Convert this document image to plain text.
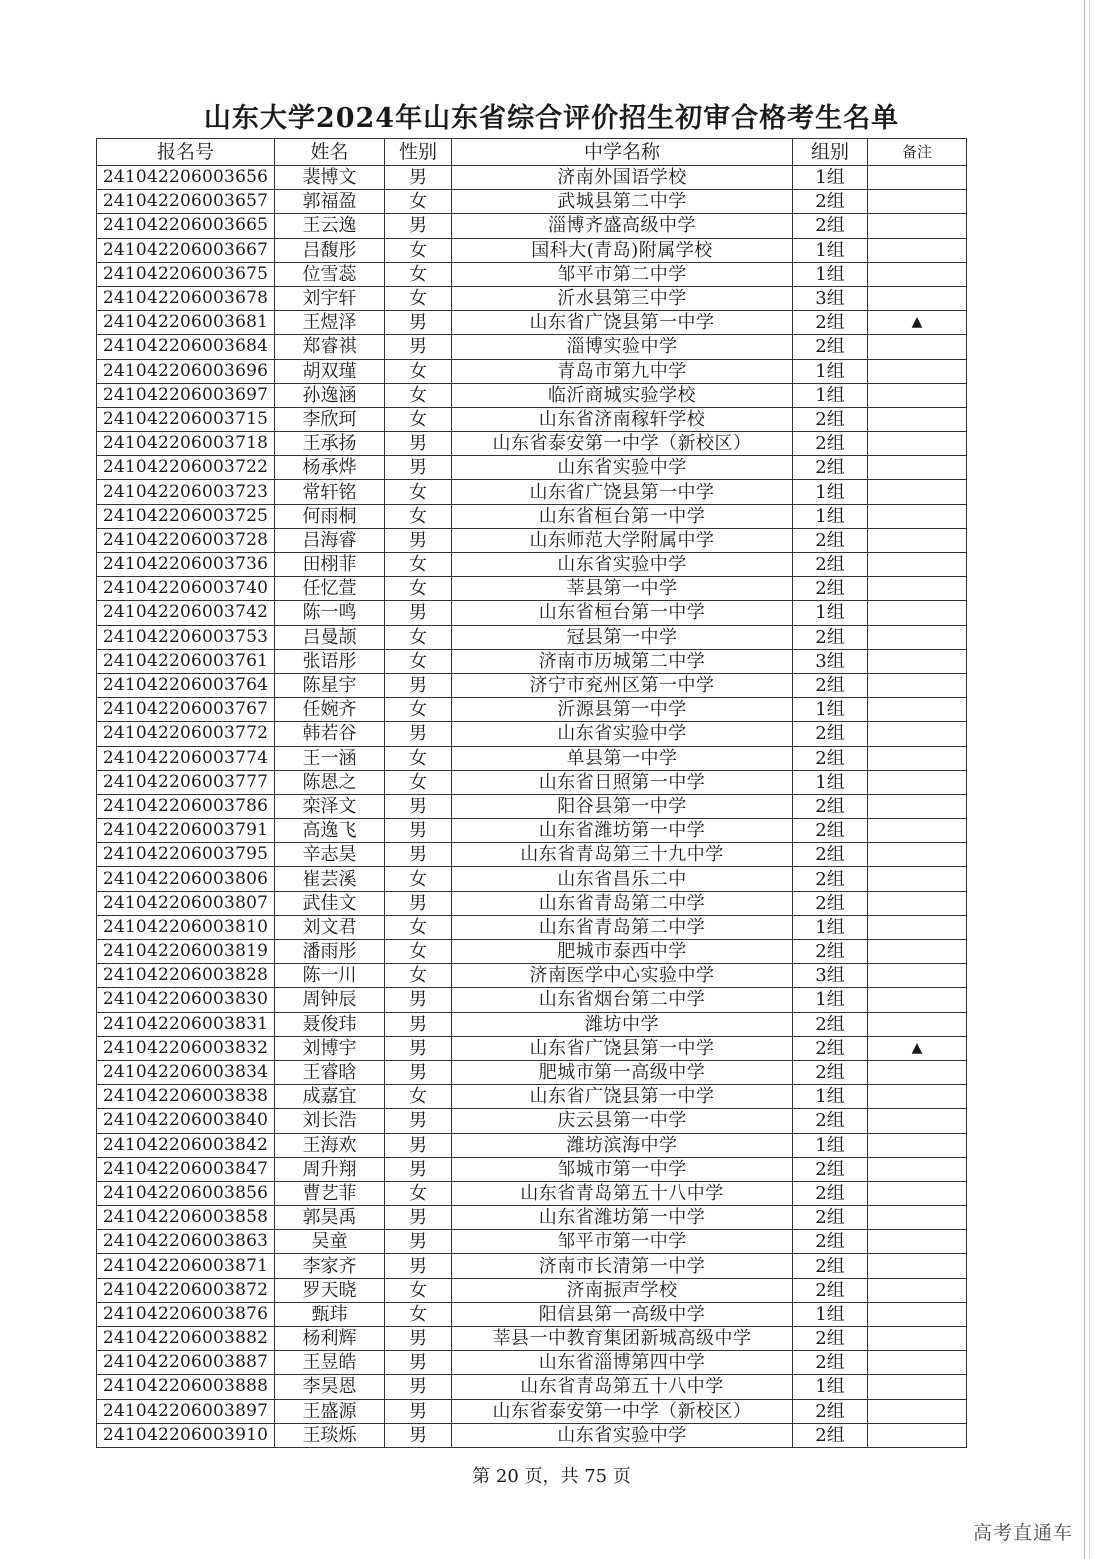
山东大学2024年山东省综合评价招生初审合格考生名单
报名号	姓名	性别	中学名称	组别	备注
241042206003656	裴博文	男	济南外国语学校	1组	
241042206003657	郭福盈	女	武城县第二中学	2组	
241042206003665	王云逸	男	淄博齐盛高级中学	2组	
241042206003667	吕馥彤	女	国科大(青岛)附属学校	1组	
241042206003675	位雪蕊	女	邹平市第二中学	1组	
241042206003678	刘宇轩	女	沂水县第三中学	3组	
241042206003681	王煜泽	男	山东省广饶县第一中学	2组	▲
241042206003684	郑睿祺	男	淄博实验中学	2组	
241042206003696	胡双瑾	女	青岛市第九中学	1组	
241042206003697	孙逸涵	女	临沂商城实验学校	1组	
241042206003715	李欣珂	女	山东省济南稼轩学校	2组	
241042206003718	王承扬	男	山东省泰安第一中学（新校区）	2组	
241042206003722	杨承烨	男	山东省实验中学	2组	
241042206003723	常轩铭	女	山东省广饶县第一中学	1组	
241042206003725	何雨桐	女	山东省桓台第一中学	1组	
241042206003728	吕海睿	男	山东师范大学附属中学	2组	
241042206003736	田栩菲	女	山东省实验中学	2组	
241042206003740	任忆萱	女	莘县第一中学	2组	
241042206003742	陈一鸣	男	山东省桓台第一中学	1组	
241042206003753	吕曼颉	女	冠县第一中学	2组	
241042206003761	张语彤	女	济南市历城第二中学	3组	
241042206003764	陈星宇	男	济宁市兖州区第一中学	2组	
241042206003767	任婉齐	女	沂源县第一中学	1组	
241042206003772	韩若谷	男	山东省实验中学	2组	
241042206003774	王一涵	女	单县第一中学	2组	
241042206003777	陈恩之	女	山东省日照第一中学	1组	
241042206003786	栾泽文	男	阳谷县第一中学	2组	
241042206003791	高逸飞	男	山东省潍坊第一中学	2组	
241042206003795	辛志昊	男	山东省青岛第三十九中学	2组	
241042206003806	崔芸溪	女	山东省昌乐二中	2组	
241042206003807	武佳文	男	山东省青岛第二中学	2组	
241042206003810	刘文君	女	山东省青岛第二中学	1组	
241042206003819	潘雨彤	女	肥城市泰西中学	2组	
241042206003828	陈一川	女	济南医学中心实验中学	3组	
241042206003830	周钟辰	男	山东省烟台第二中学	1组	
241042206003831	聂俊玮	男	潍坊中学	2组	
241042206003832	刘博宇	男	山东省广饶县第一中学	2组	▲
241042206003834	王睿晗	男	肥城市第一高级中学	2组	
241042206003838	成嘉宜	女	山东省广饶县第一中学	1组	
241042206003840	刘长浩	男	庆云县第一中学	2组	
241042206003842	王海欢	男	潍坊滨海中学	1组	
241042206003847	周升翔	男	邹城市第一中学	2组	
241042206003856	曹艺菲	女	山东省青岛第五十八中学	2组	
241042206003858	郭昊禹	男	山东省潍坊第一中学	2组	
241042206003863	吴童	男	邹平市第一中学	2组	
241042206003871	李家齐	男	济南市长清第一中学	2组	
241042206003872	罗天晓	女	济南振声学校	2组	
241042206003876	甄玮	女	阳信县第一高级中学	1组	
241042206003882	杨利辉	男	莘县一中教育集团新城高级中学	2组	
241042206003887	王昱皓	男	山东省淄博第四中学	2组	
241042206003888	李昊恩	男	山东省青岛第五十八中学	1组	
241042206003897	王盛源	男	山东省泰安第一中学（新校区）	2组	
241042206003910	王琰烁	男	山东省实验中学	2组	
第 20 页，共 75 页
高考直通车
